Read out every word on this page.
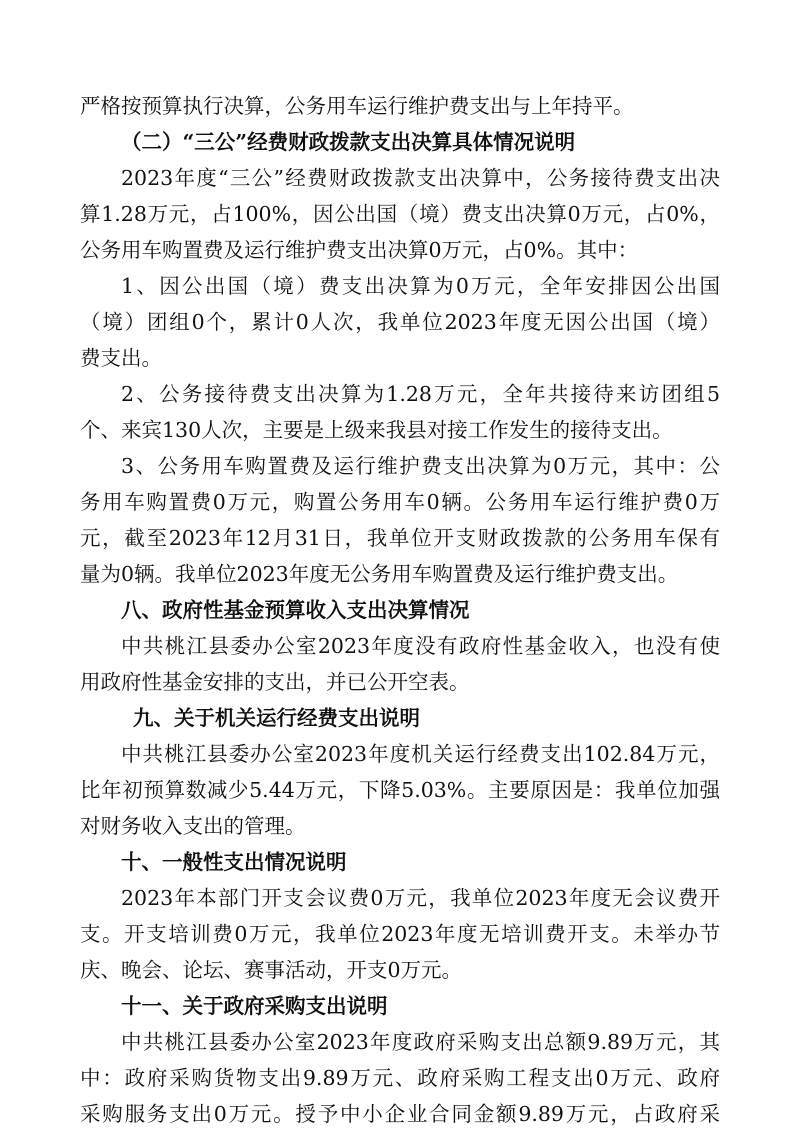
严格按预算执行决算，公务用车运行维护费支出与上年持平。
（二）“三公”经费财政拨款支出决算具体情况说明
2023年度“三公”经费财政拨款支出决算中，公务接待费支出决
算1.28万元，占100%，因公出国（境）费支出决算0万元，占0%，
公务用车购置费及运行维护费支出决算0万元，占0%。其中：
1、因公出国（境）费支出决算为0万元，全年安排因公出国
（境）团组0个，累计0人次，我单位2023年度无因公出国（境）
费支出。
2、公务接待费支出决算为1.28万元，全年共接待来访团组5
个、来宾130人次，主要是上级来我县对接工作发生的接待支出。
3、公务用车购置费及运行维护费支出决算为0万元，其中：公
务用车购置费0万元，购置公务用车0辆。公务用车运行维护费0万
元，截至2023年12月31日，我单位开支财政拨款的公务用车保有
量为0辆。我单位2023年度无公务用车购置费及运行维护费支出。
八、政府性基金预算收入支出决算情况
中共桃江县委办公室2023年度没有政府性基金收入，也没有使
用政府性基金安排的支出，并已公开空表。
九、关于机关运行经费支出说明
中共桃江县委办公室2023年度机关运行经费支出102.84万元，
比年初预算数减少5.44万元，下降5.03%。主要原因是：我单位加强
对财务收入支出的管理。
十、一般性支出情况说明
2023年本部门开支会议费0万元，我单位2023年度无会议费开
支。开支培训费0万元，我单位2023年度无培训费开支。未举办节
庆、晚会、论坛、赛事活动，开支0万元。
十一、关于政府采购支出说明
中共桃江县委办公室2023年度政府采购支出总额9.89万元，其
中：政府采购货物支出9.89万元、政府采购工程支出0万元、政府
采购服务支出0万元。授予中小企业合同金额9.89万元，占政府采
